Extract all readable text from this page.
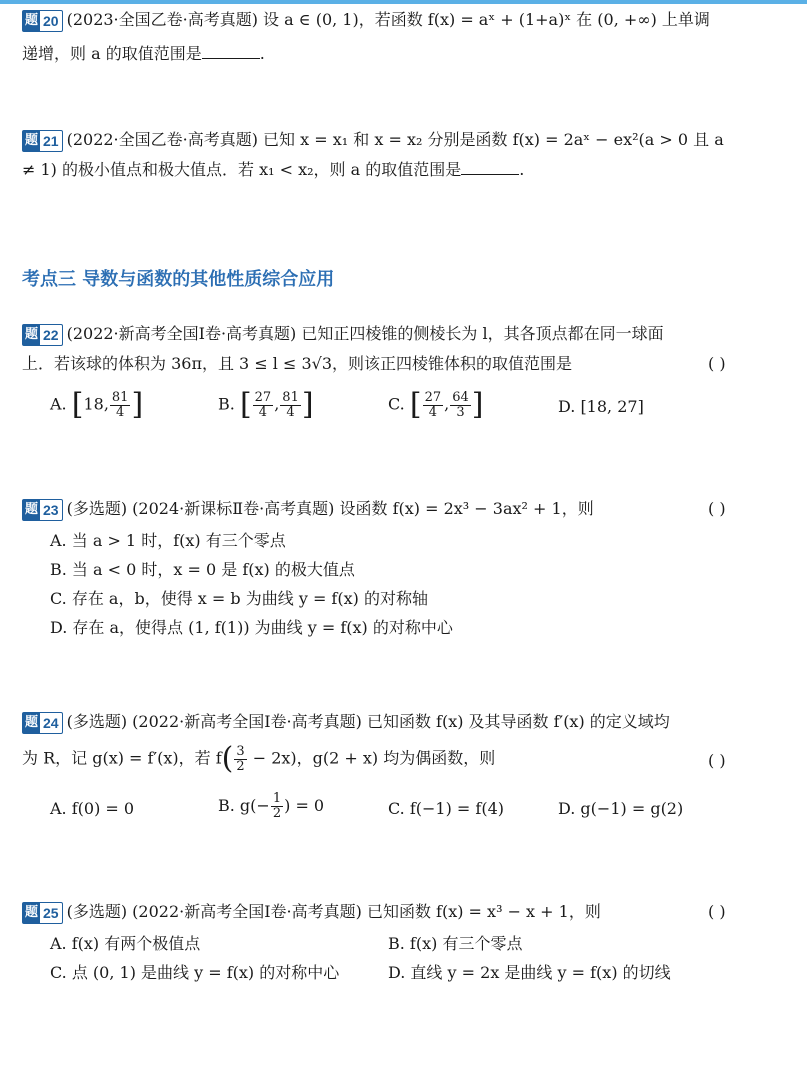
题 20 (2023·全国乙卷·高考真题) 设 a ∈ (0, 1)，若函数 f(x) = aˣ + (1+a)ˣ 在 (0, +∞) 上单调
递增，则 a 的取值范围是	.
题 21 (2022·全国乙卷·高考真题) 已知 x = x₁ 和 x = x₂ 分别是函数 f(x) = 2aˣ − ex²(a > 0 且 a
≠ 1) 的极小值点和极大值点．若 x₁ < x₂，则 a 的取值范围是	.
考点三 导数与函数的其他性质综合应用
题 22 (2022·新高考全国Ⅰ卷·高考真题) 已知正四棱锥的侧棱长为 l，其各顶点都在同一球面
上．若该球的体积为 36π，且 3 ≤ l ≤ 3√3，则该正四棱锥体积的取值范围是	( )
A. [18, $\frac{81}{4}$ ]	B. [ $\frac{27}{4}$ , $\frac{81}{4}$ ]	C. [ $\frac{27}{4}$ , $\frac{64}{3}$ ]	D. [18, 27]
题 23 (多选题) (2024·新课标Ⅱ卷·高考真题) 设函数 f(x) = 2x³ − 3ax² + 1，则	( )
A. 当 a > 1 时，f(x) 有三个零点
B. 当 a < 0 时，x = 0 是 f(x) 的极大值点
C. 存在 a，b，使得 x = b 为曲线 y = f(x) 的对称轴
D. 存在 a，使得点 (1, f(1)) 为曲线 y = f(x) 的对称中心
题 24 (多选题) (2022·新高考全国Ⅰ卷·高考真题) 已知函数 f(x) 及其导函数 f′(x) 的定义域均
为 R，记 g(x) = f′(x)，若 $f( \frac{3}{2} - 2x)$，g(2 + x) 均为偶函数，则	( )
A. f(0) = 0	B. $g(- \frac{1}{2}$ ) = 0	C. f(−1) = f(4)	D. g(−1) = g(2)
题 25 (多选题) (2022·新高考全国Ⅰ卷·高考真题) 已知函数 f(x) = x³ − x + 1，则	( )
A. f(x) 有两个极值点	B. f(x) 有三个零点
C. 点 (0, 1) 是曲线 y = f(x) 的对称中心	D. 直线 y = 2x 是曲线 y = f(x) 的切线
